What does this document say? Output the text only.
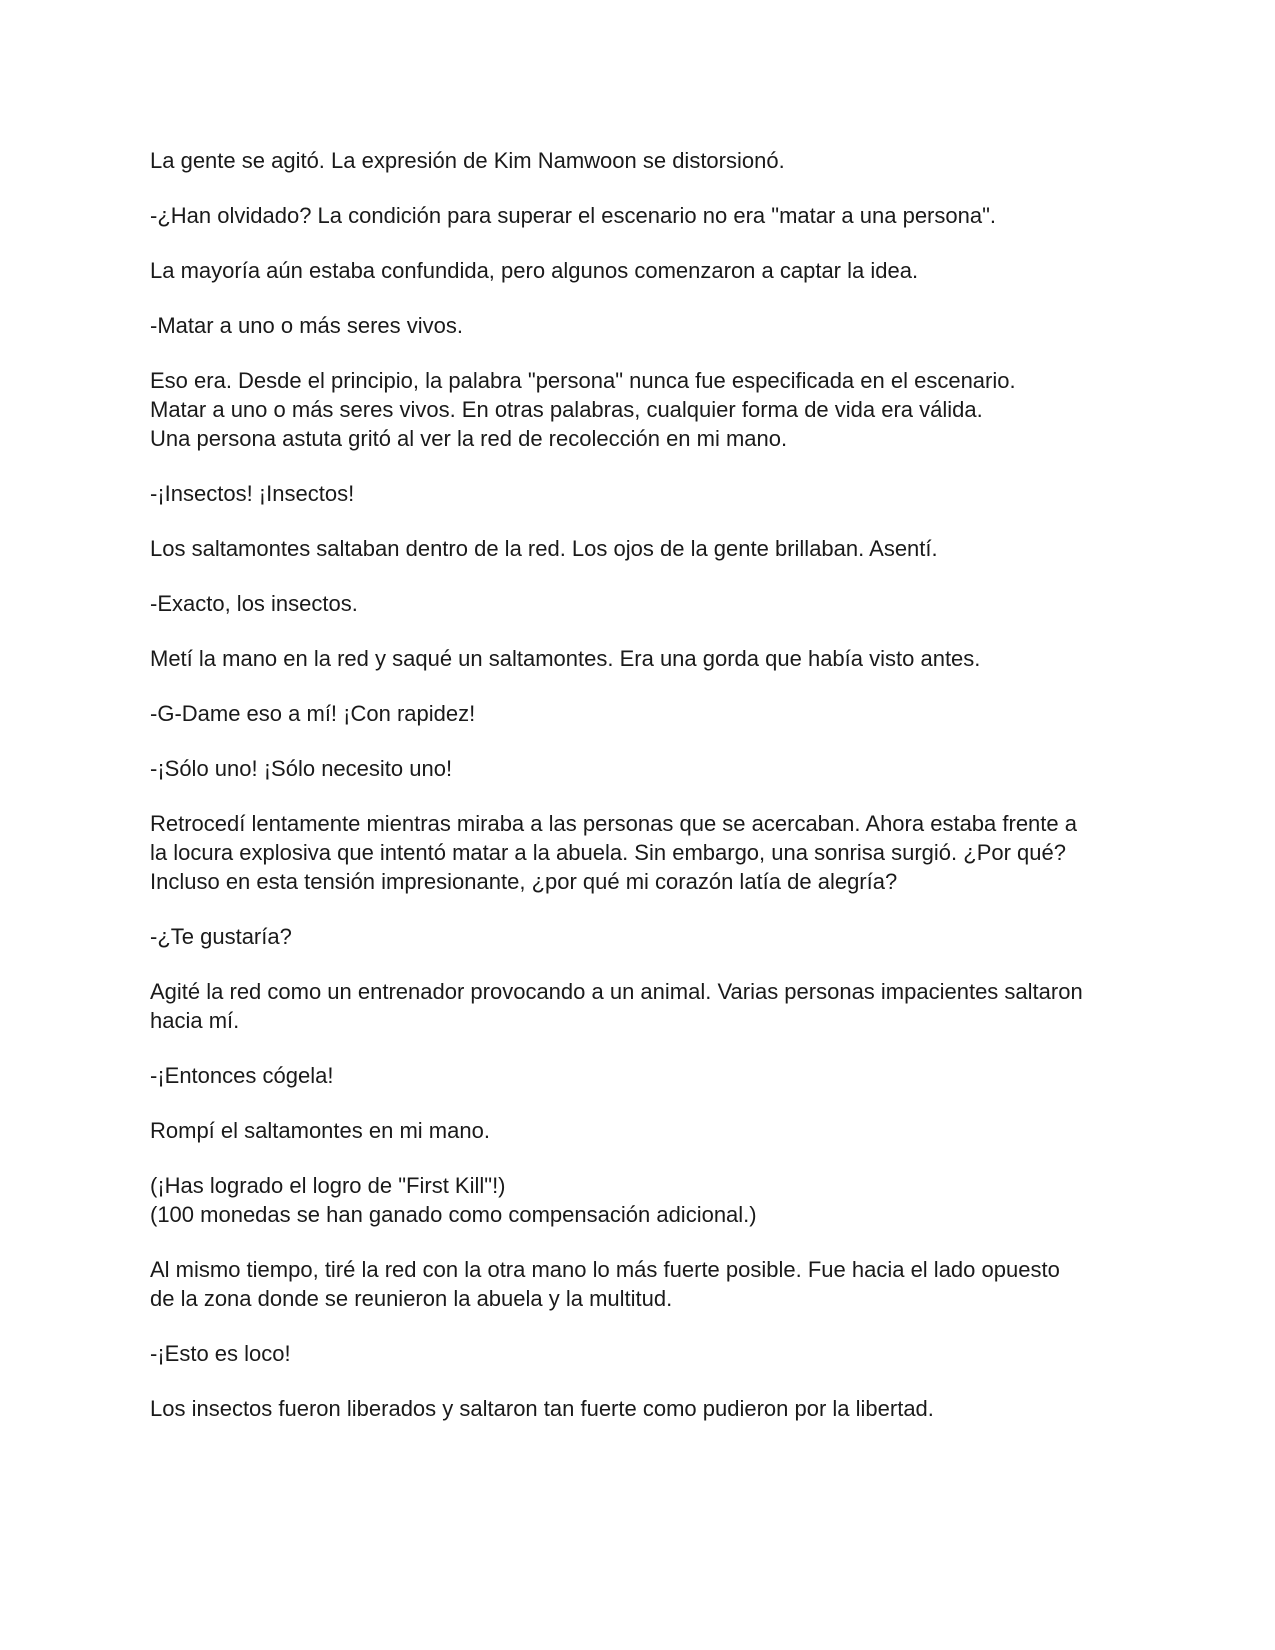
La gente se agitó. La expresión de Kim Namwoon se distorsionó.

-¿Han olvidado? La condición para superar el escenario no era "matar a una persona".

La mayoría aún estaba confundida, pero algunos comenzaron a captar la idea.

-Matar a uno o más seres vivos.

Eso era. Desde el principio, la palabra "persona" nunca fue especificada en el escenario.
Matar a uno o más seres vivos. En otras palabras, cualquier forma de vida era válida.
Una persona astuta gritó al ver la red de recolección en mi mano.

-¡Insectos! ¡Insectos!

Los saltamontes saltaban dentro de la red. Los ojos de la gente brillaban. Asentí.

-Exacto, los insectos.

Metí la mano en la red y saqué un saltamontes. Era una gorda que había visto antes.

-G-Dame eso a mí! ¡Con rapidez!

-¡Sólo uno! ¡Sólo necesito uno!

Retrocedí lentamente mientras miraba a las personas que se acercaban. Ahora estaba frente a
la locura explosiva que intentó matar a la abuela. Sin embargo, una sonrisa surgió. ¿Por qué?
Incluso en esta tensión impresionante, ¿por qué mi corazón latía de alegría?

-¿Te gustaría?

Agité la red como un entrenador provocando a un animal. Varias personas impacientes saltaron
hacia mí.

-¡Entonces cógela!

Rompí el saltamontes en mi mano.

(¡Has logrado el logro de "First Kill"!)
(100 monedas se han ganado como compensación adicional.)

Al mismo tiempo, tiré la red con la otra mano lo más fuerte posible. Fue hacia el lado opuesto
de la zona donde se reunieron la abuela y la multitud.

-¡Esto es loco!

Los insectos fueron liberados y saltaron tan fuerte como pudieron por la libertad.
